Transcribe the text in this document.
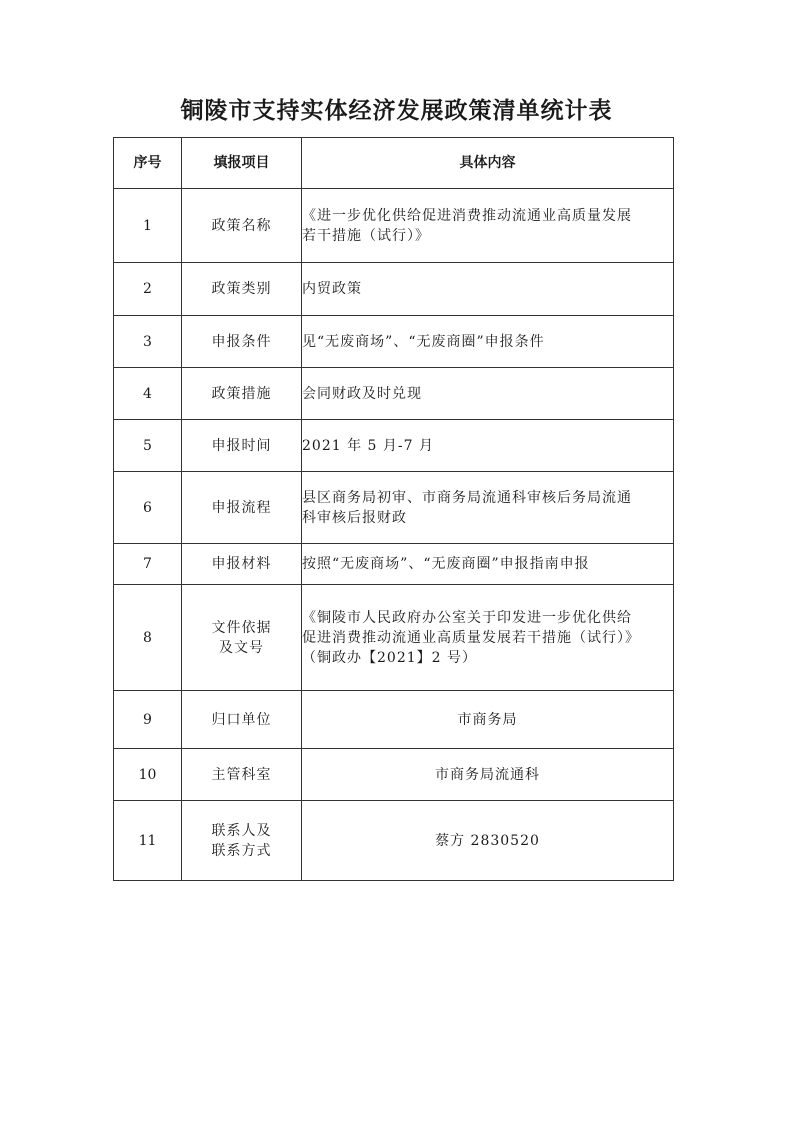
铜陵市支持实体经济发展政策清单统计表
序号	填报项目	具体内容
1	政策名称	《进一步优化供给促进消费推动流通业高质量发展
若干措施（试行）》

2	政策类别	内贸政策

3	申报条件	见“无废商场”、“无废商圈”申报条件

4	政策措施	会同财政及时兑现

5	申报时间	2021 年 5 月-7 月

6	申报流程	县区商务局初审、市商务局流通科审核后务局流通
科审核后报财政

7	申报材料	按照“无废商场”、“无废商圈”申报指南申报

8	文件依据
及文号	《铜陵市人民政府办公室关于印发进一步优化供给
促进消费推动流通业高质量发展若干措施（试行）》
（铜政办【2021】2 号）

9	归口单位	市商务局

10	主管科室	市商务局流通科

11	联系人及
联系方式	蔡方 2830520
